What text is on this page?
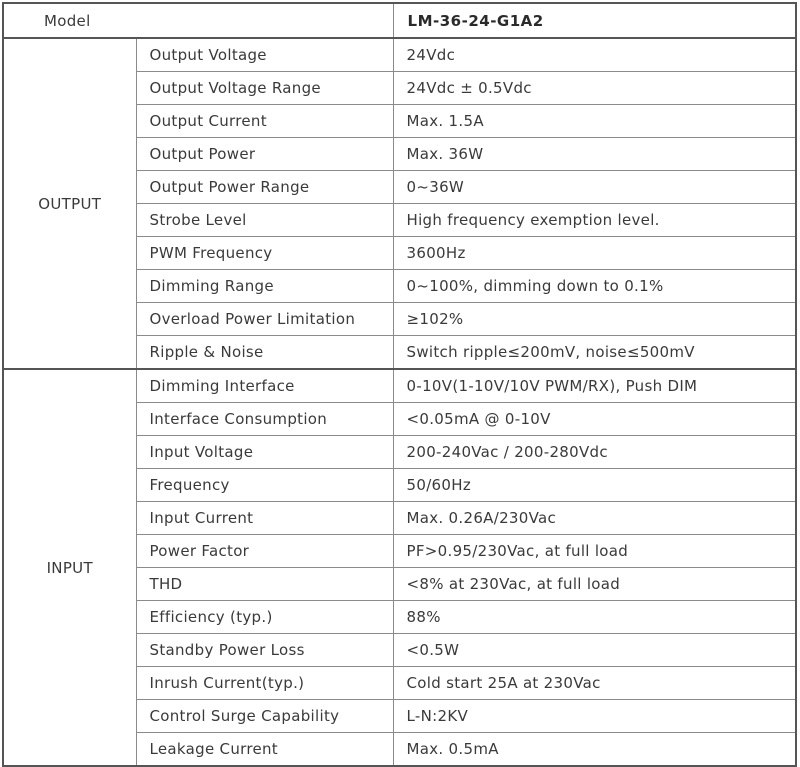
Model		LM-36-24-G1A2
OUTPUT	Output Voltage	24Vdc
	Output Voltage Range	24Vdc ± 0.5Vdc
	Output Current	Max. 1.5A
	Output Power	Max. 36W
	Output Power Range	0~36W
	Strobe Level	High frequency exemption level.
	PWM Frequency	3600Hz
	Dimming Range	0~100%, dimming down to 0.1%
	Overload Power Limitation	≥102%
	Ripple & Noise	Switch ripple≤200mV, noise≤500mV
INPUT	Dimming Interface	0-10V(1-10V/10V PWM/RX), Push DIM
	Interface Consumption	<0.05mA @ 0-10V
	Input Voltage	200-240Vac / 200-280Vdc
	Frequency	50/60Hz
	Input Current	Max. 0.26A/230Vac
	Power Factor	PF>0.95/230Vac, at full load
	THD	<8% at 230Vac, at full load
	Efficiency (typ.)	88%
	Standby Power Loss	<0.5W
	Inrush Current(typ.)	Cold start 25A at 230Vac
	Control Surge Capability	L-N:2KV
	Leakage Current	Max. 0.5mA
